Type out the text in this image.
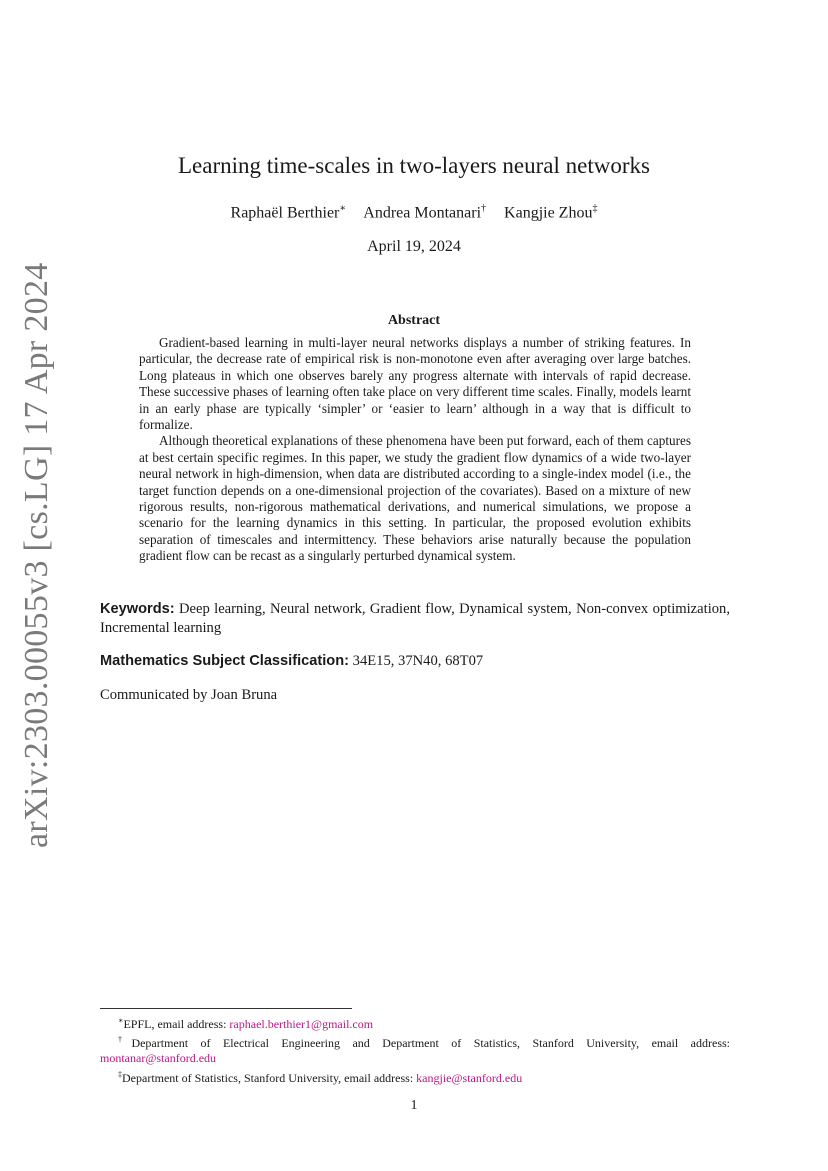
arXiv:2303.00055v3 [cs.LG] 17 Apr 2024
Learning time-scales in two-layers neural networks
Raphaël Berthier∗ Andrea Montanari† Kangjie Zhou‡
April 19, 2024
Abstract

Gradient-based learning in multi-layer neural networks displays a number of striking features. In particular, the decrease rate of empirical risk is non-monotone even after averaging over large batches. Long plateaus in which one observes barely any progress alternate with intervals of rapid decrease. These successive phases of learning often take place on very different time scales. Finally, models learnt in an early phase are typically ‘simpler’ or ‘easier to learn’ although in a way that is difficult to formalize.

Although theoretical explanations of these phenomena have been put forward, each of them captures at best certain specific regimes. In this paper, we study the gradient flow dynamics of a wide two-layer neural network in high-dimension, when data are distributed according to a single-index model (i.e., the target function depends on a one-dimensional projection of the covariates). Based on a mixture of new rigorous results, non-rigorous mathematical derivations, and numerical simulations, we propose a scenario for the learning dynamics in this setting. In particular, the proposed evolution exhibits separation of timescales and intermittency. These behaviors arise naturally because the population gradient flow can be recast as a singularly perturbed dynamical system.

Keywords: Deep learning, Neural network, Gradient flow, Dynamical system, Non-convex optimization, Incremental learning
Mathematics Subject Classification: 34E15, 37N40, 68T07
Communicated by Joan Bruna
∗EPFL, email address: raphael.berthier1@gmail.com
†Department of Electrical Engineering and Department of Statistics, Stanford University, email address: montanar@stanford.edu
‡Department of Statistics, Stanford University, email address: kangjie@stanford.edu
1
